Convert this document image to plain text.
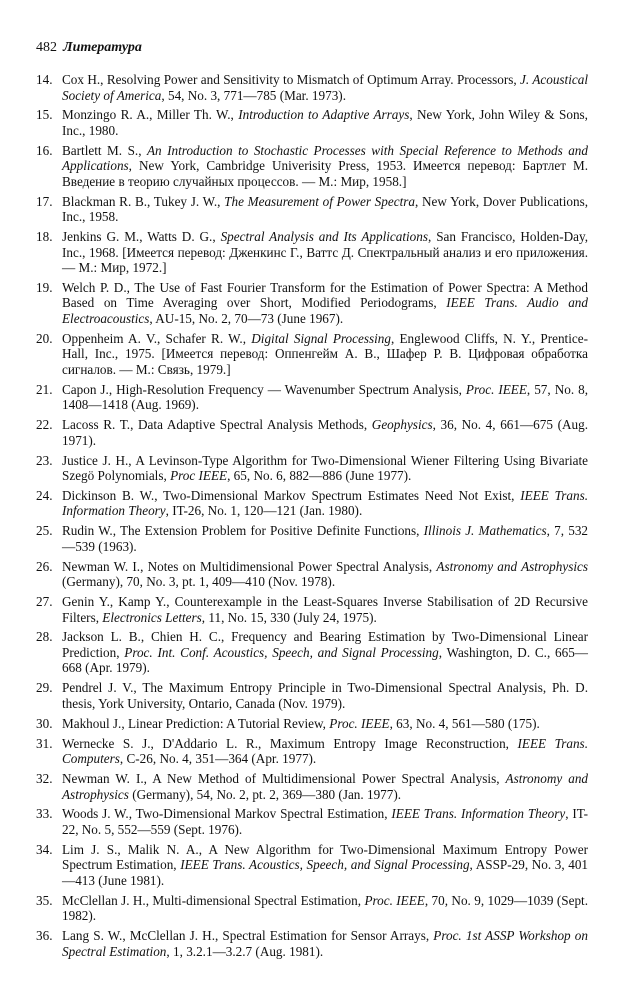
482 Литература
14. Cox H., Resolving Power and Sensitivity to Mismatch of Optimum Array. Processors, J. Acoustical Society of America, 54, No. 3, 771—785 (Mar. 1973).
15. Monzingo R. A., Miller Th. W., Introduction to Adaptive Arrays, New York, John Wiley & Sons, Inc., 1980.
16. Bartlett M. S., An Introduction to Stochastic Processes with Special Reference to Methods and Applications, New York, Cambridge Univerisity Press, 1953. Имеется перевод: Бартлет М. Введение в теорию случайных процессов. — М.: Мир, 1958.]
17. Blackman R. B., Tukey J. W., The Measurement of Power Spectra, New York, Dover Publications, Inc., 1958.
18. Jenkins G. M., Watts D. G., Spectral Analysis and Its Applications, San Francisco, Holden-Day, Inc., 1968. [Имеется перевод: Дженкинс Г., Ваттс Д. Спектральный анализ и его приложения. — М.: Мир, 1972.]
19. Welch P. D., The Use of Fast Fourier Transform for the Estimation of Power Spectra: A Method Based on Time Averaging over Short, Modified Periodograms, IEEE Trans. Audio and Electroacoustics, AU-15, No. 2, 70—73 (June 1967).
20. Oppenheim A. V., Schafer R. W., Digital Signal Processing, Englewood Cliffs, N. Y., Prentice-Hall, Inc., 1975. [Имеется перевод: Оппенгейм А. В., Шафер Р. В. Цифровая обработка сигналов. — М.: Связь, 1979.]
21. Capon J., High-Resolution Frequency — Wavenumber Spectrum Analysis, Proc. IEEE, 57, No. 8, 1408—1418 (Aug. 1969).
22. Lacoss R. T., Data Adaptive Spectral Analysis Methods, Geophysics, 36, No. 4, 661—675 (Aug. 1971).
23. Justice J. H., A Levinson-Type Algorithm for Two-Dimensional Wiener Filtering Using Bivariate Szegö Polynomials, Proc IEEE, 65, No. 6, 882—886 (June 1977).
24. Dickinson B. W., Two-Dimensional Markov Spectrum Estimates Need Not Exist, IEEE Trans. Information Theory, IT-26, No. 1, 120—121 (Jan. 1980).
25. Rudin W., The Extension Problem for Positive Definite Functions, Illinois J. Mathematics, 7, 532—539 (1963).
26. Newman W. I., Notes on Multidimensional Power Spectral Analysis, Astronomy and Astrophysics (Germany), 70, No. 3, pt. 1, 409—410 (Nov. 1978).
27. Genin Y., Kamp Y., Counterexample in the Least-Squares Inverse Stabilisation of 2D Recursive Filters, Electronics Letters, 11, No. 15, 330 (July 24, 1975).
28. Jackson L. B., Chien H. C., Frequency and Bearing Estimation by Two-Dimensional Linear Prediction, Proc. Int. Conf. Acoustics, Speech, and Signal Processing, Washington, D. C., 665—668 (Apr. 1979).
29. Pendrel J. V., The Maximum Entropy Principle in Two-Dimensional Spectral Analysis, Ph. D. thesis, York University, Ontario, Canada (Nov. 1979).
30. Makhoul J., Linear Prediction: A Tutorial Review, Proc. IEEE, 63, No. 4, 561—580 (175).
31. Wernecke S. J., D'Addario L. R., Maximum Entropy Image Reconstruction, IEEE Trans. Computers, C-26, No. 4, 351—364 (Apr. 1977).
32. Newman W. I., A New Method of Multidimensional Power Spectral Analysis, Astronomy and Astrophysics (Germany), 54, No. 2, pt. 2, 369—380 (Jan. 1977).
33. Woods J. W., Two-Dimensional Markov Spectral Estimation, IEEE Trans. Information Theory, IT-22, No. 5, 552—559 (Sept. 1976).
34. Lim J. S., Malik N. A., A New Algorithm for Two-Dimensional Maximum Entropy Power Spectrum Estimation, IEEE Trans. Acoustics, Speech, and Signal Processing, ASSP-29, No. 3, 401—413 (June 1981).
35. McClellan J. H., Multi-dimensional Spectral Estimation, Proc. IEEE, 70, No. 9, 1029—1039 (Sept. 1982).
36. Lang S. W., McClellan J. H., Spectral Estimation for Sensor Arrays, Proc. 1st ASSP Workshop on Spectral Estimation, 1, 3.2.1—3.2.7 (Aug. 1981).
